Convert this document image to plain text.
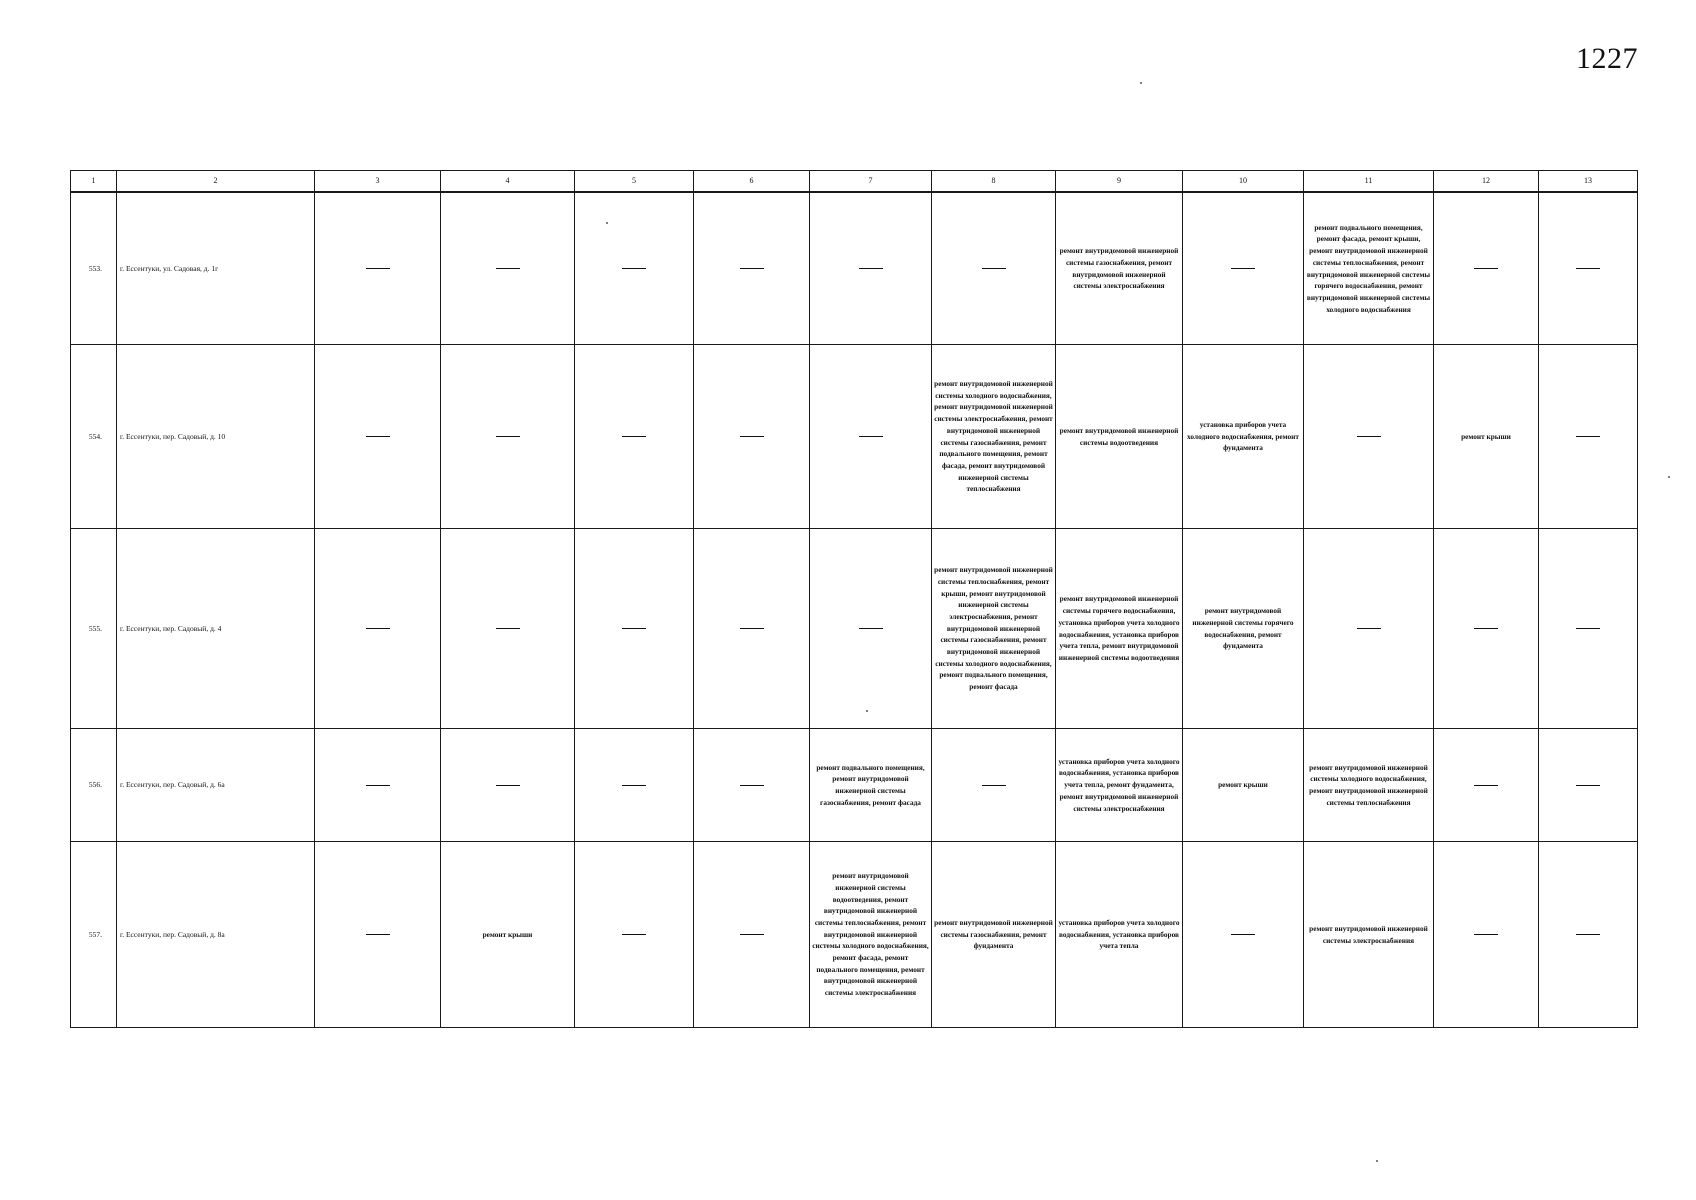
1227
1	2	3	4	5	6	7	8	9	10	11	12	13
553.	г. Ессентуки, ул. Садовая, д. 1г							ремонт внутридомовой инженерной системы газоснабжения, ремонт внутридомовой инженерной системы электроснабжения		ремонт подвального помещения, ремонт фасада, ремонт крыши, ремонт внутридомовой инженерной системы теплоснабжения, ремонт внутридомовой инженерной системы горячего водоснабжения, ремонт внутридомовой инженерной системы холодного водоснабжения		

554.	г. Ессентуки, пер. Садовый, д. 10						ремонт внутридомовой инженерной системы холодного водоснабжения, ремонт внутридомовой инженерной системы электроснабжения, ремонт внутридомовой инженерной системы газоснабжения, ремонт подвального помещения, ремонт фасада, ремонт внутридомовой инженерной системы теплоснабжения	ремонт внутридомовой инженерной системы водоотведения	установка приборов учета холодного водоснабжения, ремонт фундамента		ремонт крыши	

555.	г. Ессентуки, пер. Садовый, д. 4						ремонт внутридомовой инженерной системы теплоснабжения, ремонт крыши, ремонт внутридомовой инженерной системы электроснабжения, ремонт внутридомовой инженерной системы газоснабжения, ремонт внутридомовой инженерной системы холодного водоснабжения, ремонт подвального помещения, ремонт фасада	ремонт внутридомовой инженерной системы горячего водоснабжения, установка приборов учета холодного водоснабжения, установка приборов учета тепла, ремонт внутридомовой инженерной системы водоотведения	ремонт внутридомовой инженерной системы горячего водоснабжения, ремонт фундамента			

556.	г. Ессентуки, пер. Садовый, д. 6а					ремонт подвального помещения, ремонт внутридомовой инженерной системы газоснабжения, ремонт фасада		установка приборов учета холодного водоснабжения, установка приборов учета тепла, ремонт фундамента, ремонт внутридомовой инженерной системы электроснабжения	ремонт крыши	ремонт внутридомовой инженерной системы холодного водоснабжения, ремонт внутридомовой инженерной системы теплоснабжения		

557.	г. Ессентуки, пер. Садовый, д. 8а		ремонт крыши			ремонт внутридомовой инженерной системы водоотведения, ремонт внутридомовой инженерной системы теплоснабжения, ремонт внутридомовой инженерной системы холодного водоснабжения, ремонт фасада, ремонт подвального помещения, ремонт внутридомовой инженерной системы электроснабжения	ремонт внутридомовой инженерной системы газоснабжения, ремонт фундамента	установка приборов учета холодного водоснабжения, установка приборов учета тепла		ремонт внутридомовой инженерной системы электроснабжения		
